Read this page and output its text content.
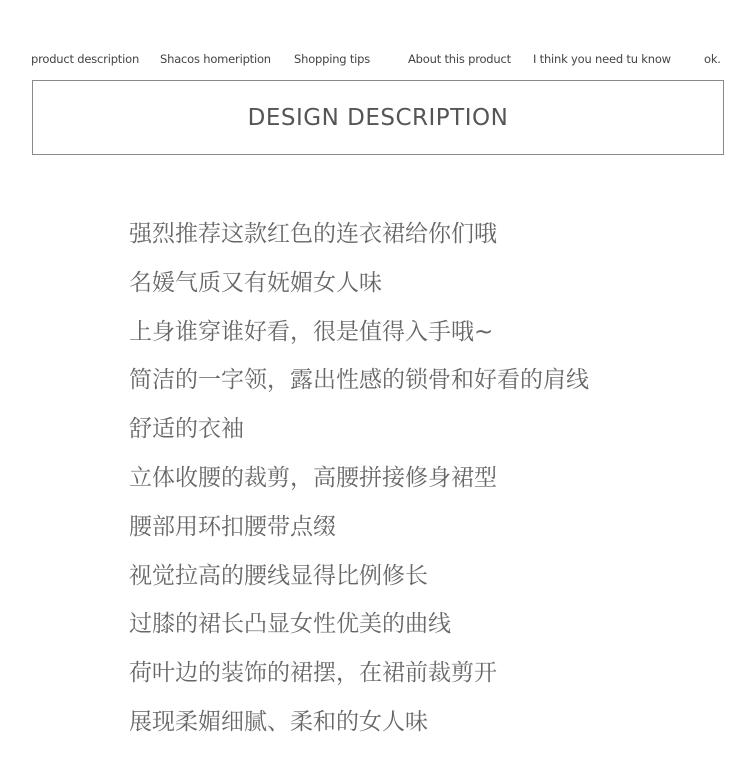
product description Shacos homeription Shopping tips	About this product I think you need tu know	ok.
DESIGN DESCRIPTION
强烈推荐这款红色的连衣裙给你们哦
名媛气质又有妩媚女人味
上身谁穿谁好看，很是值得入手哦~
简洁的一字领，露出性感的锁骨和好看的肩线
舒适的衣袖
立体收腰的裁剪，高腰拼接修身裙型
腰部用环扣腰带点缀
视觉拉高的腰线显得比例修长
过膝的裙长凸显女性优美的曲线
荷叶边的装饰的裙摆，在裙前裁剪开
展现柔媚细腻、柔和的女人味
